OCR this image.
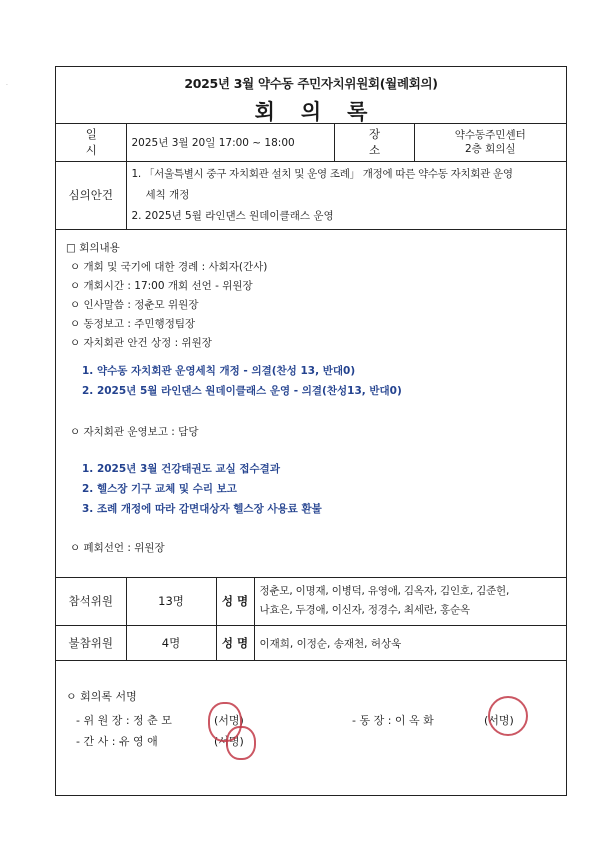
·	2025년 3월 약수동 주민자치위원회(월례회의)
회의록
일 시	2025년 3월 20일 17:00 ~ 18:00	장 소	약수동주민센터
2층 회의실

심의안건	1. 「서울특별시 중구 자치회관 설치 및 운영 조례」 개정에 따른 약수동 자치회관 운영
세칙 개정
2. 2025년 5월 라인댄스 원데이클래스 운영		
□ 회의내용
ㅇ 개회 및 국기에 대한 경례 : 사회자(간사)
ㅇ 개회시간 : 17:00 개회 선언 - 위원장
ㅇ 인사말씀 : 정춘모 위원장
ㅇ 동정보고 : 주민행정팀장
ㅇ 자치회관 안건 상정 : 위원장
1. 약수동 자치회관 운영세칙 개정 - 의결(찬성 13, 반대0)
2. 2025년 5월 라인댄스 원데이클래스 운영 - 의결(찬성13, 반대0)
ㅇ 자치회관 운영보고 : 담당
1. 2025년 3월 건강태권도 교실 접수결과
2. 헬스장 기구 교체 및 수리 보고
3. 조례 개정에 따라 감면대상자 헬스장 사용료 환불
ㅇ 폐회선언 : 위원장
참석위원	13명	성 명	정춘모, 이명재, 이병덕, 유영애, 김옥자, 김인호, 김준헌,
나효은, 두경애, 이신자, 정경수, 최세란, 홍순옥

불참위원	4명	성 명	이재희, 이정순, 송재천, 허상욱
ㅇ 회의록 서명
- 위 원 장 : 정 춘 모	(서명)
- 간 사 : 유 영 애	(서명)
- 동 장 : 이 옥 화	(서명)
